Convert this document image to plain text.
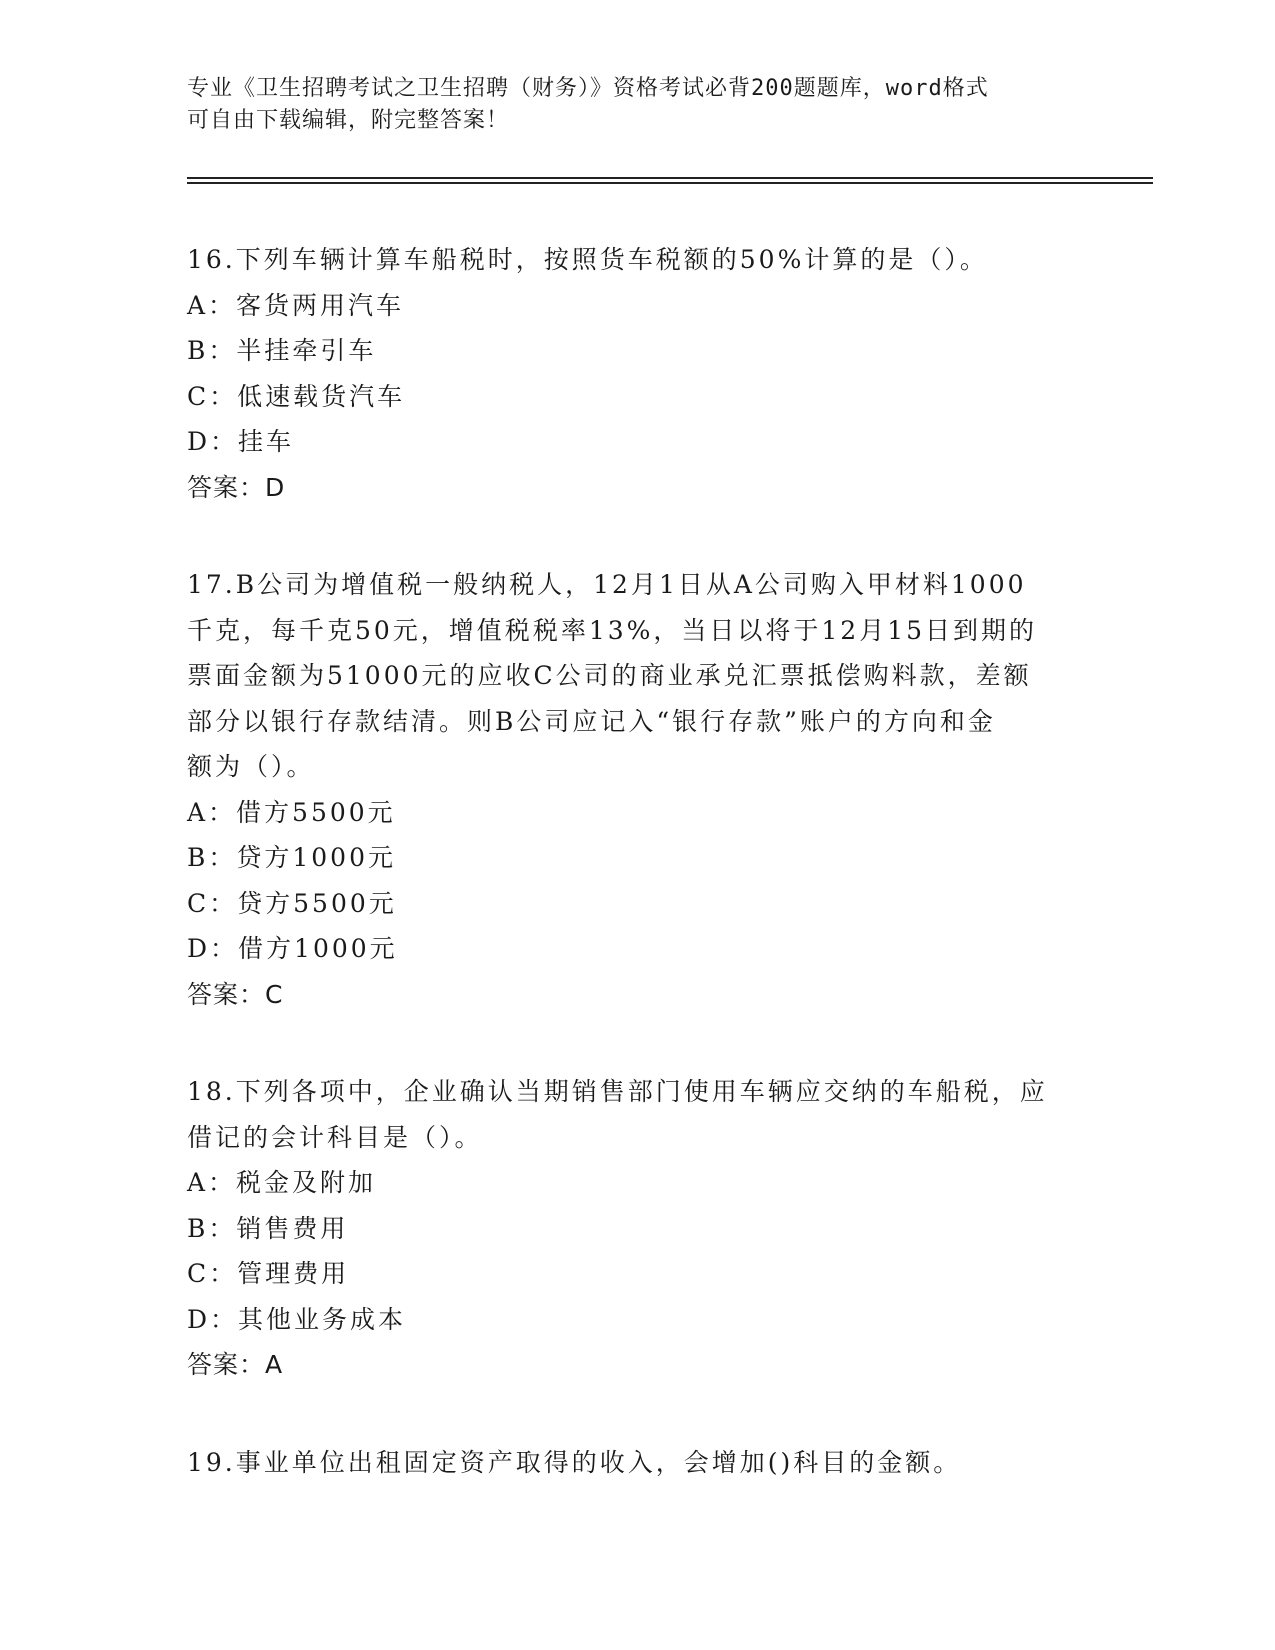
专业《卫生招聘考试之卫生招聘（财务）》资格考试必背200题题库，word格式
可自由下载编辑，附完整答案！
16.下列车辆计算车船税时，按照货车税额的50%计算的是（）。
A：客货两用汽车
B：半挂牵引车
C：低速载货汽车
D：挂车
答案：D
17.B公司为增值税一般纳税人，12月1日从A公司购入甲材料1000
千克，每千克50元，增值税税率13%，当日以将于12月15日到期的
票面金额为51000元的应收C公司的商业承兑汇票抵偿购料款，差额
部分以银行存款结清。则B公司应记入“银行存款”账户的方向和金
额为（）。
A：借方5500元
B：贷方1000元
C：贷方5500元
D：借方1000元
答案：C
18.下列各项中，企业确认当期销售部门使用车辆应交纳的车船税，应
借记的会计科目是（）。
A：税金及附加
B：销售费用
C：管理费用
D：其他业务成本
答案：A
19.事业单位出租固定资产取得的收入，会增加()科目的金额。
